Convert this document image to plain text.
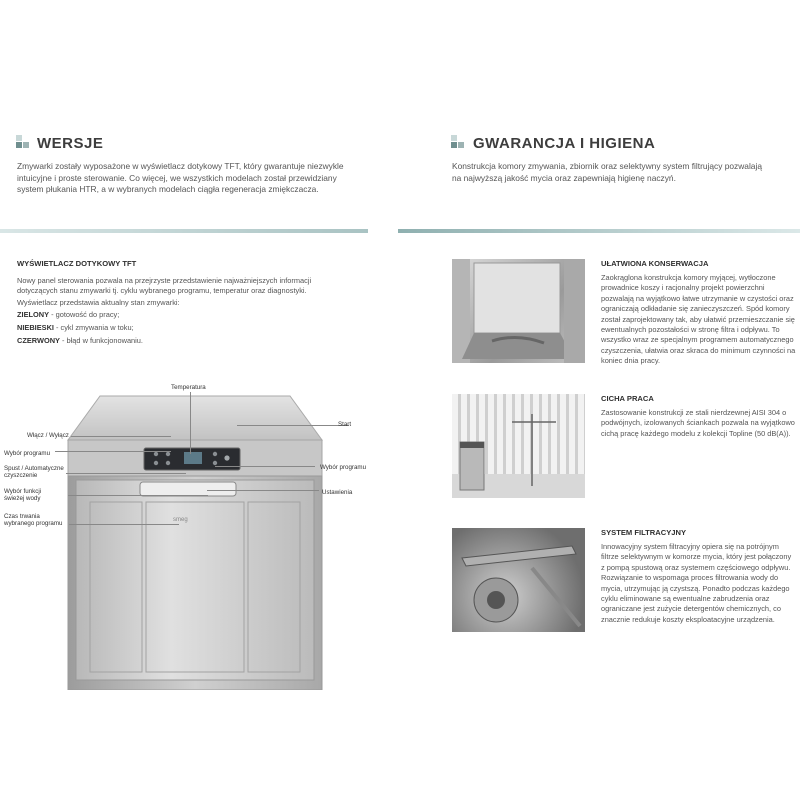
WERSJE
Zmywarki zostały wyposażone w wyświetlacz dotykowy TFT, który gwarantuje niezwykle intuicyjne i proste sterowanie. Co więcej, we wszystkich modelach został przewidziany system płukania HTR, a w wybranych modelach ciągła regeneracja zmiękczacza.
WYŚWIETLACZ DOTYKOWY TFT
Nowy panel sterowania pozwala na przejrzyste przedstawienie najważniejszych informacji dotyczących stanu zmywarki tj. cyklu wybranego programu, temperatur oraz diagnostyki.
Wyświetlacz przedstawia aktualny stan zmywarki:
ZIELONY - gotowość do pracy;
NIEBIESKI - cykl zmywania w toku;
CZERWONY - błąd w funkcjonowaniu.
smeg
Temperatura
Start
Włącz / Wyłącz
Wybór programu
Spust / Automatyczne czyszczenie
Wybór funkcji świeżej wody
Czas trwania wybranego programu
Wybór programu
Ustawienia
GWARANCJA I HIGIENA
Konstrukcja komory zmywania, zbiornik oraz selektywny system filtrujący pozwalają na najwyższą jakość mycia oraz zapewniają higienę naczyń.
UŁATWIONA KONSERWACJA
Zaokrąglona konstrukcja komory myjącej, wytłoczone prowadnice koszy i racjonalny projekt powierzchni pozwalają na wyjątkowo łatwe utrzymanie w czystości oraz ograniczają odkładanie się zanieczyszczeń. Spód komory został zaprojektowany tak, aby ułatwić przemieszczanie się ewentualnych pozostałości w stronę filtra i odpływu. To wszystko wraz ze specjalnym programem automatycznego czyszczenia, ułatwia oraz skraca do minimum czynności na koniec dnia pracy.
CICHA PRACA
Zastosowanie konstrukcji ze stali nierdzewnej AISI 304 o podwójnych, izolowanych ściankach pozwala na wyjątkowo cichą pracę każdego modelu z kolekcji Topline (50 dB(A)).
SYSTEM FILTRACYJNY
Innowacyjny system filtracyjny opiera się na potrójnym filtrze selektywnym w komorze mycia, który jest połączony z pompą spustową oraz systemem częściowego odpływu. Rozwiązanie to wspomaga proces filtrowania wody do mycia, utrzymując ją czystszą. Ponadto podczas każdego cyklu eliminowane są ewentualne zabrudzenia oraz ograniczane jest zużycie detergentów chemicznych, co znacznie redukuje koszty eksploatacyjne urządzenia.
